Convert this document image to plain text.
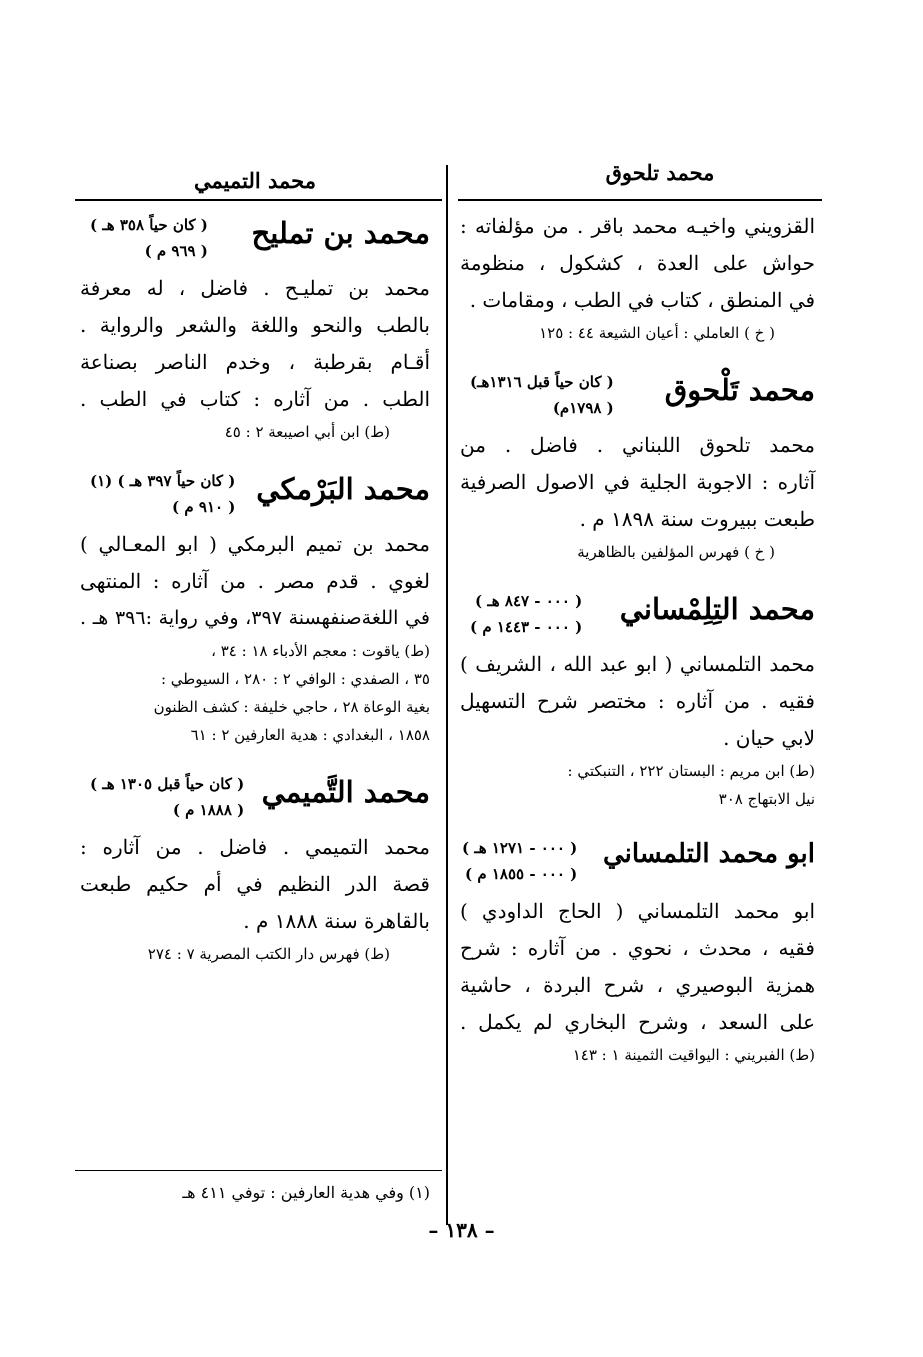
محمد تلحوق
محمد التميمي

القزويني واخيـه محمد باقر . من مؤلفاته :

حواش على العدة ، كشكول ، منظومة

في المنطق ، كتاب في الطب ، ومقامات .

( خ ) العاملي : أعيان الشيعة ٤٤ : ١٢٥

محمد تَلْحوق
( كان حياً قبل ١٣١٦هـ)
( ١٧٩٨م)

محمد تلحوق اللبناني . فاضل . من

آثاره : الاجوبة الجلية في الاصول الصرفية

طبعت ببيروت سنة ١٨٩٨ م .

( خ ) فهرس المؤلفين بالظاهرية

محمد التِلِمْساني
( ٠٠٠ - ٨٤٧ هـ )
( ٠٠٠ - ١٤٤٣ م )

محمد التلمساني ( ابو عبد الله ، الشريف )

فقيه . من آثاره : مختصر شرح التسهيل

لابي حيان .

(ط) ابن مريم : البستان ٢٢٢ ، التنبكتي :

نيل الابتهاج ٣٠٨

ابو محمد التلمساني
( ٠٠٠ - ١٢٧١ هـ )
( ٠٠٠ - ١٨٥٥ م )

ابو محمد التلمساني ( الحاج الداودي )

فقيه ، محدث ، نحوي . من آثاره : شرح

همزية البوصيري ، شرح البردة ، حاشية

على السعد ، وشرح البخاري لم يكمل .

(ط) الفبريني : اليواقيت الثمينة ١ : ١٤٣

محمد بن تمليح
( كان حياً ٣٥٨ هـ )
( ٩٦٩ م )

محمد بن تمليـح . فاضل ، له معرفة

بالطب والنحو واللغة والشعر والرواية .

أقـام بقرطبة ، وخدم الناصر بصناعة

الطب . من آثاره : كتاب في الطب .

(ط) ابن أبي اصيبعة ٢ : ٤٥

محمد البَرْمكي
( كان حياً ٣٩٧ هـ ) (١)
( ٩١٠ م )

محمد بن تميم البرمكي ( ابو المعـالي )

لغوي . قدم مصر . من آثاره : المنتهى

في اللغةصنفهسنة ٣٩٧، وفي رواية :٣٩٦ هـ .

(ط) ياقوت : معجم الأدباء ١٨ : ٣٤ ،

٣٥ ، الصفدي : الوافي ٢ : ٢٨٠ ، السيوطي :

بغية الوعاة ٢٨ ، حاجي خليفة : كشف الظنون

١٨٥٨ ، البغدادي : هدية العارفين ٢ : ٦١

محمد التَّميمي
( كان حياً قبل ١٣٠٥ هـ )
( ١٨٨٨ م )

محمد التميمي . فاضل . من آثاره :

قصة الدر النظيم في أم حكيم طبعت

بالقاهرة سنة ١٨٨٨ م .

(ط) فهرس دار الكتب المصرية ٧ : ٢٧٤

(١) وفي هدية العارفين : توفي ٤١١ هـ
– ١٣٨ –
